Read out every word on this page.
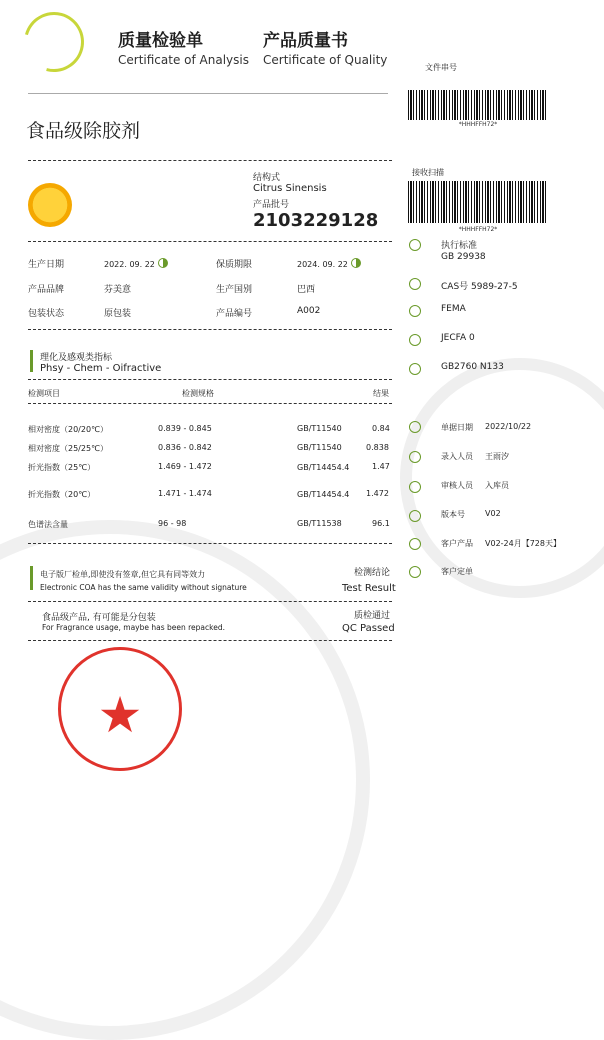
质量检验单
Certificate of Analysis
产品质量书
Certificate of Quality
文件串号
*HHHFFH72*
接收扫描
*HHHFFH72*
食品级除胶剂
结构式
Citrus Sinensis
产品批号
2103229128
生产日期	2022. 09. 22	保质期限	2024. 09. 22
产品品牌	芬美意	生产国别	巴西
包装状态	原包装	产品编号	A002
理化及感观类指标
Phsy - Chem - Oifractive
检测项目	检测规格	结果
相对密度（20/20℃）	0.839 - 0.845	GB/T11540	0.84
相对密度（25/25℃）	0.836 - 0.842	GB/T11540	0.838
折光指数（25℃）	1.469 - 1.472	GB/T14454.4	1.47
折光指数（20℃）	1.471 - 1.474	GB/T14454.4	1.472
色谱法含量	96 - 98	GB/T11538	96.1
电子版厂检单,即使没有签章,但它具有同等效力
Electronic COA has the same validity without signature
检测结论
Test Result
食品级产品, 有可能是分包装
For Fragrance usage, maybe has been repacked.
质检通过
QC Passed
★
执行标准
GB 29938
CAS号 5989-27-5
FEMA
JECFA 0
GB2760 N133
单据日期 2022/10/22
录入人员 王雨汐
审核人员 入库员
版本号	V02
客户产品 V02-24月【728天】
客户定单
